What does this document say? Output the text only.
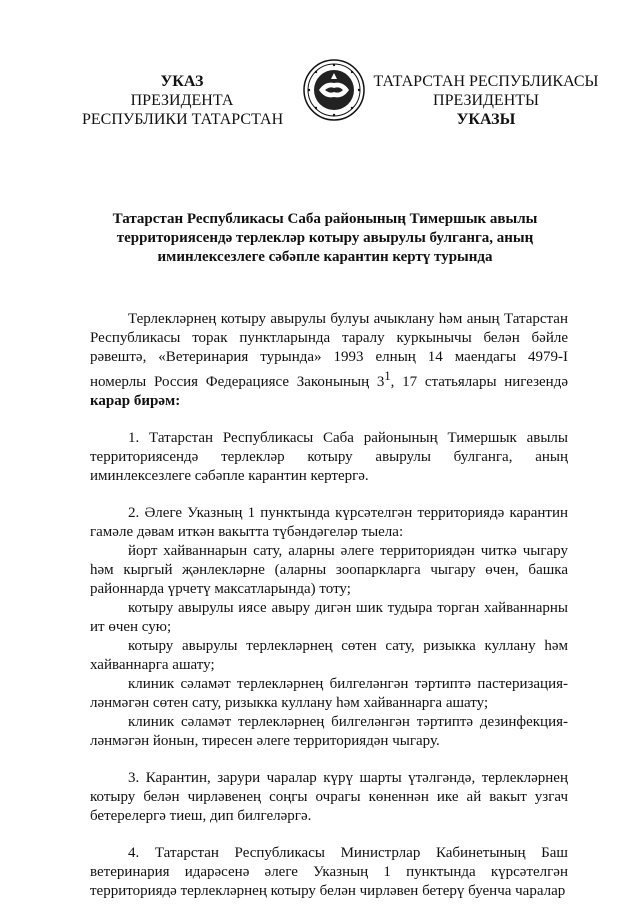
УКАЗ
ПРЕЗИДЕНТА
РЕСПУБЛИКИ ТАТАРСТАН
ТАТАРСТАН РЕСПУБЛИКАСЫ
ПРЕЗИДЕНТЫ
УКАЗЫ
Татарстан Республикасы Саба районының Тимершык авылы
территориясендә терлекләр котыру авырулы булганга, аның
иминлексезлеге сәбәпле карантин кертү турында
Терлекләрнең котыру авырулы булуы ачыклану һәм аның Татарстан Республикасы торак пунктларында таралу куркынычы белән бәйле рәвештә, «Ветеринария турында» 1993 елның 14 маендагы 4979-I номерлы Россия Федерациясе Законының $3^1$, 17 статьялары нигезендә карар бирәм:
1. Татарстан Республикасы Саба районының Тимершык авылы территориясендә терлекләр котыру авырулы булганга, аның иминлексезлеге сәбәпле карантин кертергә.
2. Әлеге Указның 1 пунктында күрсәтелгән территориядә карантин гамәле дәвам иткән вакытта түбәндәгеләр тыела:
йорт хайваннарын сату, аларны әлеге территориядән читкә чыгару һәм кыргый җәнлекләрне (аларны зоопаркларга чыгару өчен, башка районнарда үрчетү максатларында) тоту;
котыру авырулы иясе авыру дигән шик тудыра торган хайваннарны ит өчен сую;
котыру авырулы терлекләрнең сөтен сату, ризыкка куллану һәм хайваннарга ашату;
клиник сәламәт терлекләрнең билгеләнгән тәртиптә пастеризация-ләнмәгән сөтен сату, ризыкка куллану һәм хайваннарга ашату;
клиник сәламәт терлекләрнең билгеләнгән тәртиптә дезинфекция-ләнмәгән йонын, тиресен әлеге территориядән чыгару.
3. Карантин, зарури чаралар күрү шарты үтәлгәндә, терлекләрнең котыру белән чирләвенең соңгы очрагы көненнән ике ай вакыт узгач бетерелергә тиеш, дип билгеләргә.
4. Татарстан Республикасы Министрлар Кабинетының Баш ветеринария идарәсенә әлеге Указның 1 пунктында күрсәтелгән территориядә терлекләрнең котыру белән чирләвен бетерү буенча чаралар
